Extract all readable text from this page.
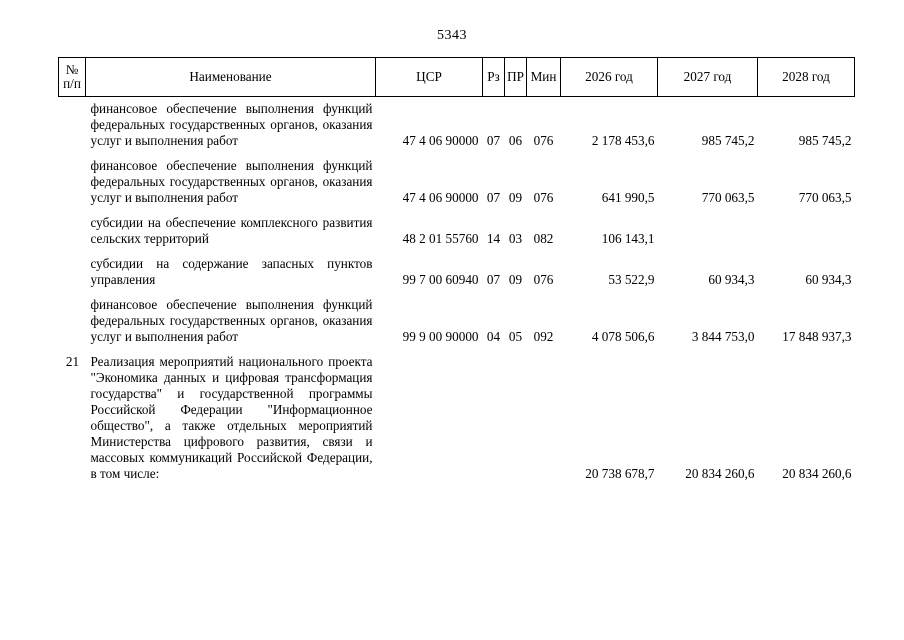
5343
№ п/п	Наименование	ЦСР	Рз	ПР	Мин	2026 год	2027 год	2028 год
	финансовое обеспечение выполнения функций федеральных государственных органов, оказания услуг и выполнения работ	47 4 06 90000	07	06	076	2 178 453,6	985 745,2	985 745,2
	финансовое обеспечение выполнения функций федеральных государственных органов, оказания услуг и выполнения работ	47 4 06 90000	07	09	076	641 990,5	770 063,5	770 063,5
	субсидии на обеспечение комплексного развития сельских территорий	48 2 01 55760	14	03	082	106 143,1		
	субсидии на содержание запасных пунктов управления	99 7 00 60940	07	09	076	53 522,9	60 934,3	60 934,3
	финансовое обеспечение выполнения функций федеральных государственных органов, оказания услуг и выполнения работ	99 9 00 90000	04	05	092	4 078 506,6	3 844 753,0	17 848 937,3
21	Реализация мероприятий национального проекта "Экономика данных и цифровая трансформация государства" и государственной программы Российской Федерации "Информационное общество", а также отдельных мероприятий Министерства цифрового развития, связи и массовых коммуникаций Российской Федерации, в том числе:					20 738 678,7	20 834 260,6	20 834 260,6
